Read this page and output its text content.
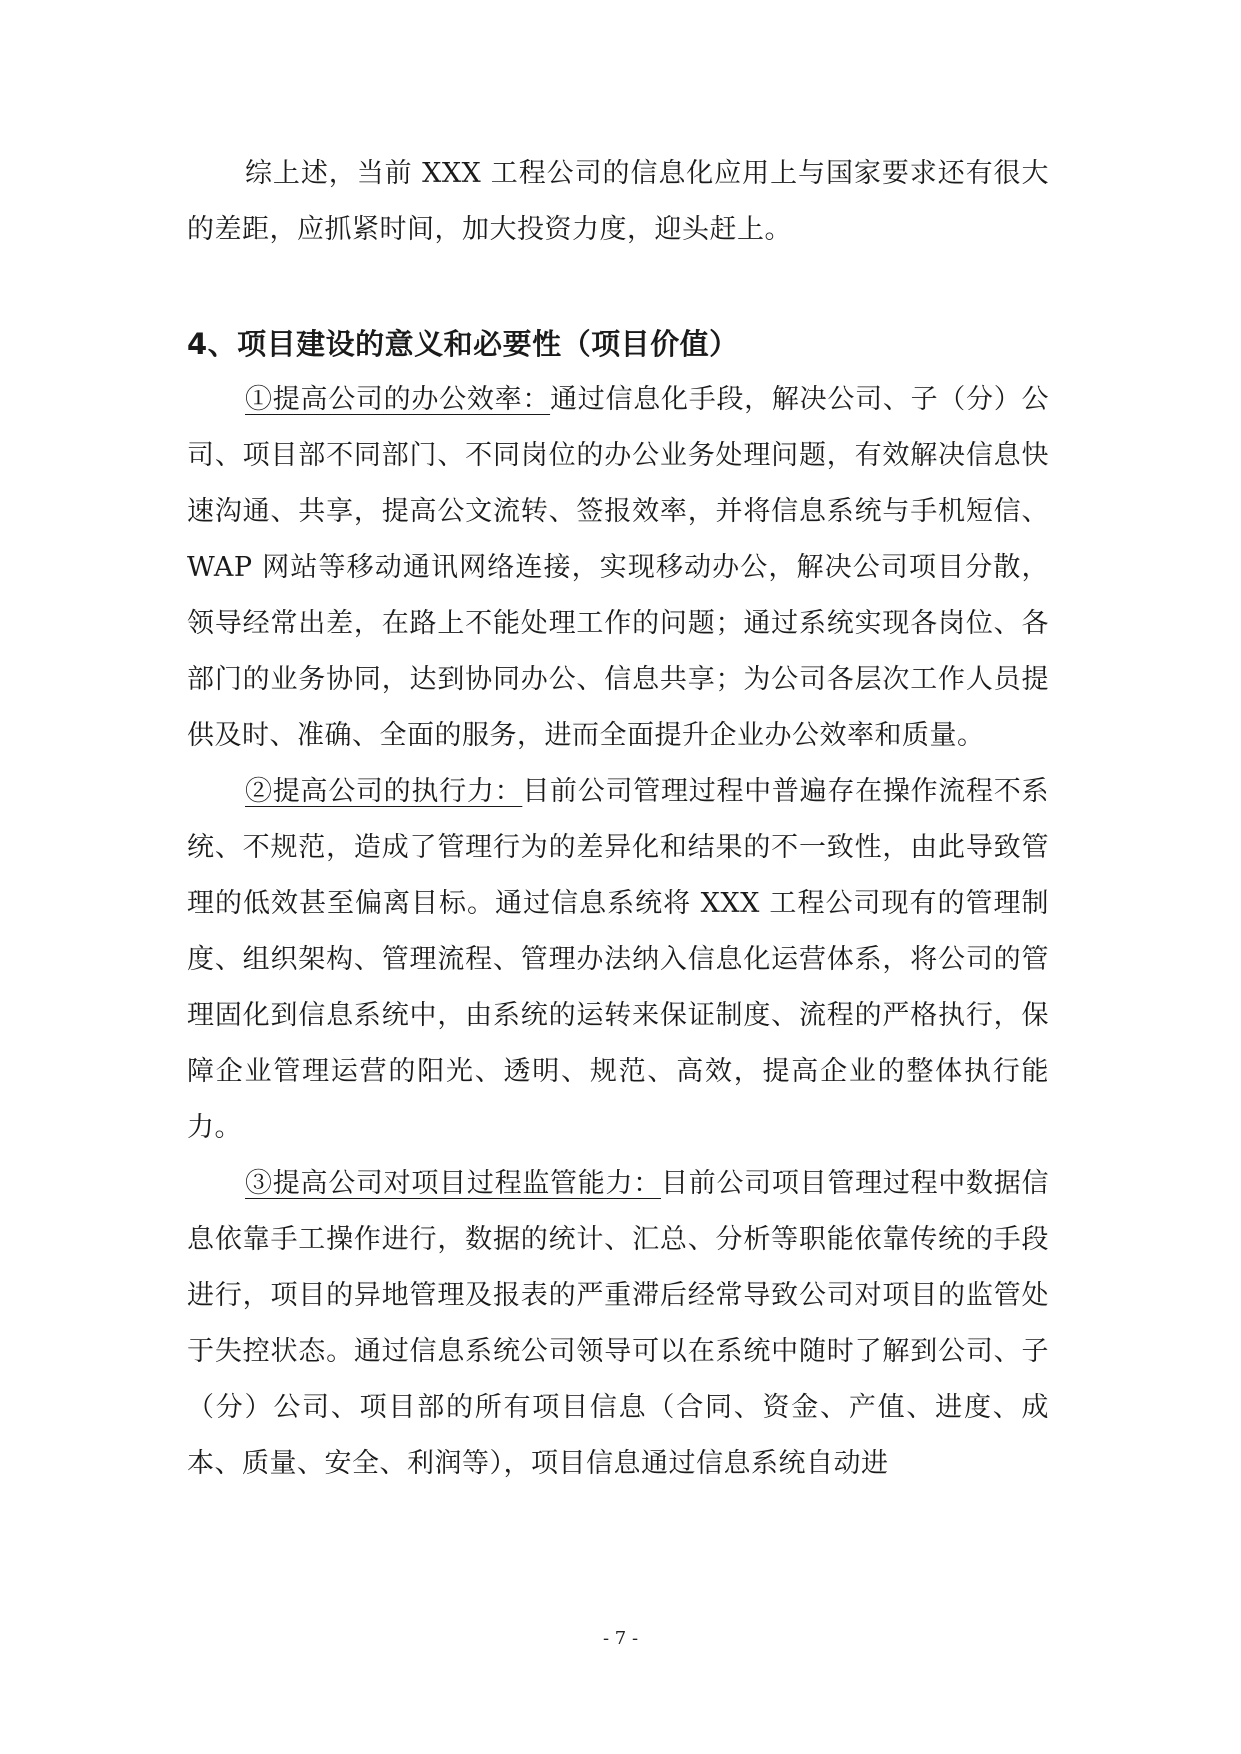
综上述，当前 XXX 工程公司的信息化应用上与国家要求还有很大的差距，应抓紧时间，加大投资力度，迎头赶上。

4、项目建设的意义和必要性（项目价值）

①提高公司的办公效率：通过信息化手段，解决公司、子（分）公司、项目部不同部门、不同岗位的办公业务处理问题，有效解决信息快速沟通、共享，提高公文流转、签报效率，并将信息系统与手机短信、WAP 网站等移动通讯网络连接，实现移动办公，解决公司项目分散，领导经常出差，在路上不能处理工作的问题；通过系统实现各岗位、各部门的业务协同，达到协同办公、信息共享；为公司各层次工作人员提供及时、准确、全面的服务，进而全面提升企业办公效率和质量。

②提高公司的执行力：目前公司管理过程中普遍存在操作流程不系统、不规范，造成了管理行为的差异化和结果的不一致性，由此导致管理的低效甚至偏离目标。通过信息系统将 XXX 工程公司现有的管理制度、组织架构、管理流程、管理办法纳入信息化运营体系，将公司的管理固化到信息系统中，由系统的运转来保证制度、流程的严格执行，保障企业管理运营的阳光、透明、规范、高效，提高企业的整体执行能力。

③提高公司对项目过程监管能力：目前公司项目管理过程中数据信息依靠手工操作进行，数据的统计、汇总、分析等职能依靠传统的手段进行，项目的异地管理及报表的严重滞后经常导致公司对项目的监管处于失控状态。通过信息系统公司领导可以在系统中随时了解到公司、子（分）公司、项目部的所有项目信息（合同、资金、产值、进度、成本、质量、安全、利润等），项目信息通过信息系统自动进

- 7 -
